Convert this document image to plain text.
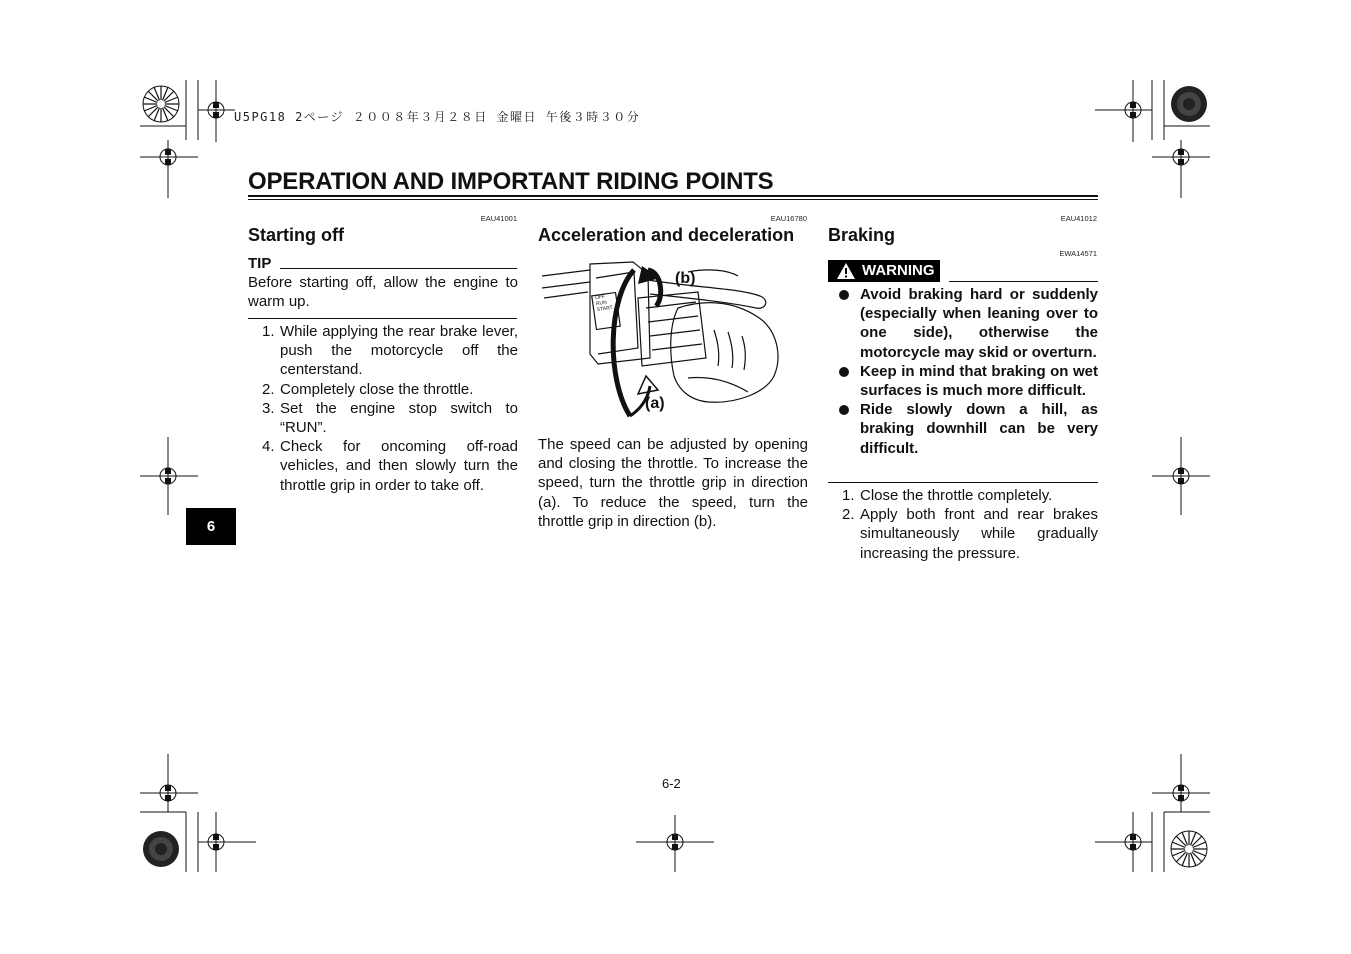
U5PG18 2ページ ２００８年３月２８日 金曜日 午後３時３０分
OPERATION AND IMPORTANT RIDING POINTS
EAU41001
Starting off
TIP
Before starting off, allow the engine to warm up.
1. While applying the rear brake lever, push the motorcycle off the centerstand.
2. Completely close the throttle.
3. Set the engine stop switch to “RUN”.
4. Check for oncoming off-road vehicles, and then slowly turn the throttle grip in order to take off.
6
EAU16780
Acceleration and deceleration
OFF
RUN
START
(b)
(a)
The speed can be adjusted by opening and closing the throttle. To increase the speed, turn the throttle grip in direction (a). To reduce the speed, turn the throttle grip in direction (b).
EAU41012
Braking
EWA14571
WARNING
Avoid braking hard or suddenly (especially when leaning over to one side), otherwise the motorcycle may skid or overturn.
Keep in mind that braking on wet surfaces is much more difficult.
Ride slowly down a hill, as braking downhill can be very difficult.
1. Close the throttle completely.
2. Apply both front and rear brakes simultaneously while gradually increasing the pressure.
6-2
